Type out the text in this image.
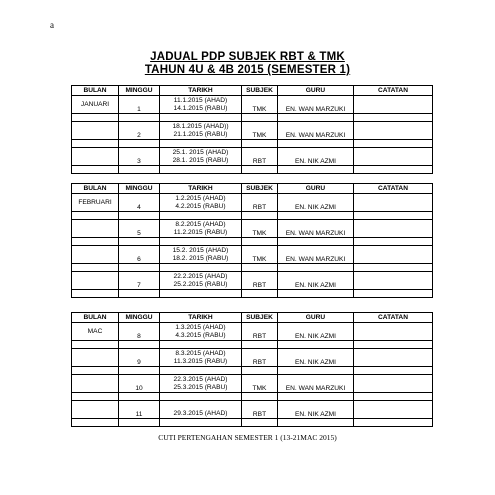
a
JADUAL PDP SUBJEK RBT & TMK
TAHUN 4U & 4B 2015 (SEMESTER 1)
BULAN	MINGGU	TARIKH	SUBJEK	GURU	CATATAN
JANUARI	1	11.1.2015 (AHAD)
14.1.2015 (RABU)	TMK	EN. WAN MARZUKI	

	2	18.1.2015 (AHAD))
21.1.2015 (RABU)	TMK	EN. WAN MARZUKI	

	3	25.1. 2015 (AHAD)
28.1. 2015 (RABU)	RBT	EN. NIK AZMI	

BULAN	MINGGU	TARIKH	SUBJEK	GURU	CATATAN
FEBRUARI	4	1.2.2015 (AHAD)
4.2.2015 (RABU)	RBT	EN. NIK AZMI	

	5	8.2.2015 (AHAD)
11.2.2015 (RABU)	TMK	EN. WAN MARZUKI	

	6	15.2. 2015 (AHAD)
18.2. 2015 (RABU)	TMK	EN. WAN MARZUKI	

	7	22.2.2015 (AHAD)
25.2.2015 (RABU)	RBT	EN. NIK AZMI	

BULAN	MINGGU	TARIKH	SUBJEK	GURU	CATATAN
MAC	8	1.3.2015 (AHAD)
4.3.2015 (RABU)	RBT	EN. NIK AZMI	

	9	8.3.2015 (AHAD)
11.3.2015 (RABU)	RBT	EN. NIK AZMI	

	10	22.3.2015 (AHAD)
25.3.2015 (RABU)	TMK	EN. WAN MARZUKI	

	11	29.3.2015 (AHAD)	RBT	EN. NIK AZMI	

CUTI PERTENGAHAN SEMESTER 1 (13-21MAC 2015)
